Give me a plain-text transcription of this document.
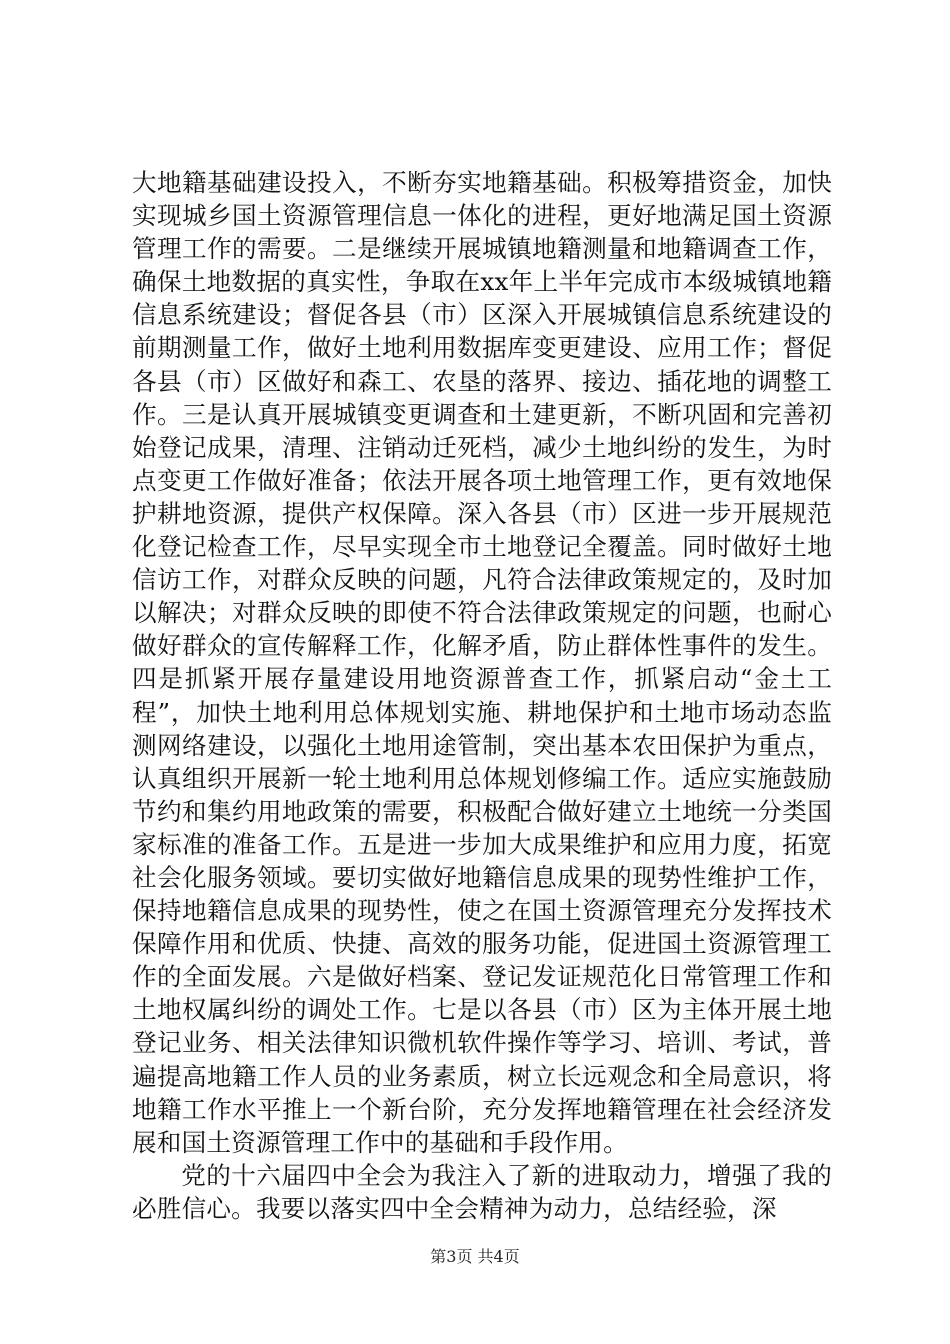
大地籍基础建设投入，不断夯实地籍基础。积极筹措资金，加快实现城乡国土资源管理信息一体化的进程，更好地满足国土资源管理工作的需要。二是继续开展城镇地籍测量和地籍调查工作，确保土地数据的真实性，争取在xx年上半年完成市本级城镇地籍信息系统建设；督促各县（市）区深入开展城镇信息系统建设的前期测量工作，做好土地利用数据库变更建设、应用工作；督促各县（市）区做好和森工、农垦的落界、接边、插花地的调整工作。三是认真开展城镇变更调查和土建更新，不断巩固和完善初始登记成果，清理、注销动迁死档，减少土地纠纷的发生，为时点变更工作做好准备；依法开展各项土地管理工作，更有效地保护耕地资源，提供产权保障。深入各县（市）区进一步开展规范化登记检查工作，尽早实现全市土地登记全覆盖。同时做好土地信访工作，对群众反映的问题，凡符合法律政策规定的，及时加以解决；对群众反映的即使不符合法律政策规定的问题，也耐心做好群众的宣传解释工作，化解矛盾，防止群体性事件的发生。四是抓紧开展存量建设用地资源普查工作，抓紧启动“金土工程”，加快土地利用总体规划实施、耕地保护和土地市场动态监测网络建设，以强化土地用途管制，突出基本农田保护为重点，认真组织开展新一轮土地利用总体规划修编工作。适应实施鼓励节约和集约用地政策的需要，积极配合做好建立土地统一分类国家标准的准备工作。五是进一步加大成果维护和应用力度，拓宽社会化服务领域。要切实做好地籍信息成果的现势性维护工作，保持地籍信息成果的现势性，使之在国土资源管理充分发挥技术保障作用和优质、快捷、高效的服务功能，促进国土资源管理工作的全面发展。六是做好档案、登记发证规范化日常管理工作和土地权属纠纷的调处工作。七是以各县（市）区为主体开展土地登记业务、相关法律知识微机软件操作等学习、培训、考试，普遍提高地籍工作人员的业务素质，树立长远观念和全局意识，将地籍工作水平推上一个新台阶，充分发挥地籍管理在社会经济发展和国土资源管理工作中的基础和手段作用。

党的十六届四中全会为我注入了新的进取动力，增强了我的必胜信心。我要以落实四中全会精神为动力，总结经验，深

第3页 共4页
